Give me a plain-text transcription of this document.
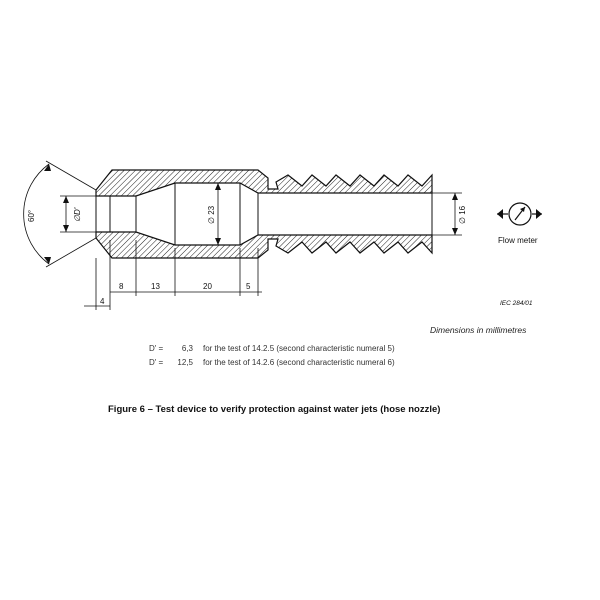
∅ 23	∅ 16
∅D'
60°
4
8	13	20	5
Flow meter
IEC 284/01
Dimensions in millimetres
D' = 6,3 for the test of 14.2.5 (second characteristic numeral 5)
D' = 12,5 for the test of 14.2.6 (second characteristic numeral 6)
Figure 6 – Test device to verify protection against water jets (hose nozzle)
